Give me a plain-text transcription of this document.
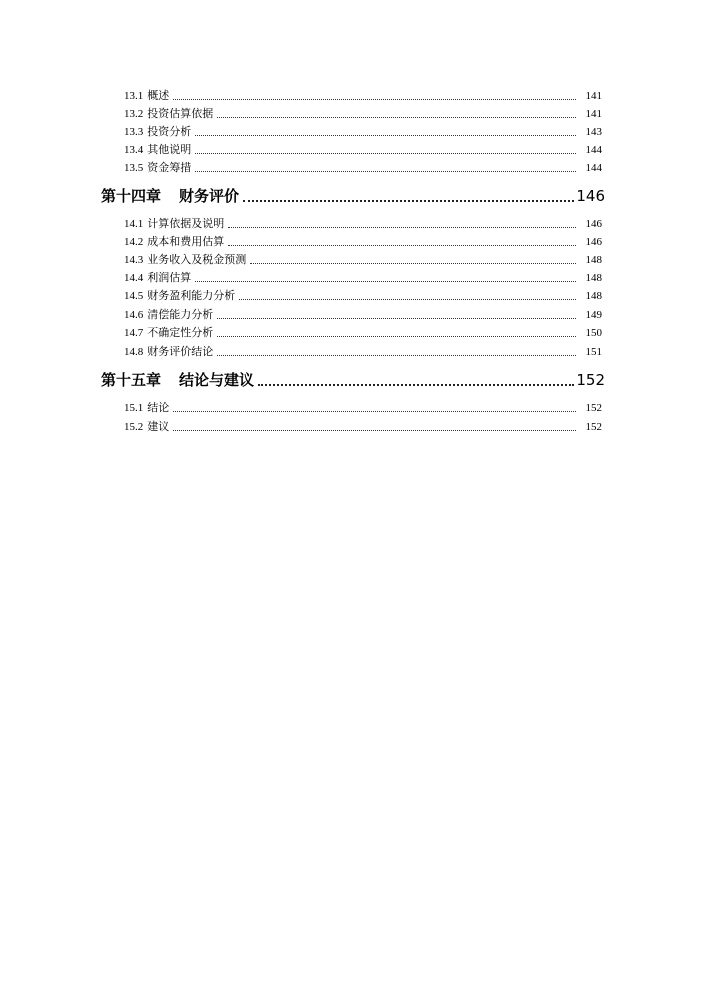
13.1 概述	141
13.2 投资估算依据	141
13.3 投资分析	143
13.4 其他说明	144
13.5 资金筹措	144
第十四章 财务评价	146
14.1 计算依据及说明	146
14.2 成本和费用估算	146
14.3 业务收入及税金预测	148
14.4 利润估算	148
14.5 财务盈利能力分析	148
14.6 清偿能力分析	149
14.7 不确定性分析	150
14.8 财务评价结论	151
第十五章 结论与建议	152
15.1 结论	152
15.2 建议	152
